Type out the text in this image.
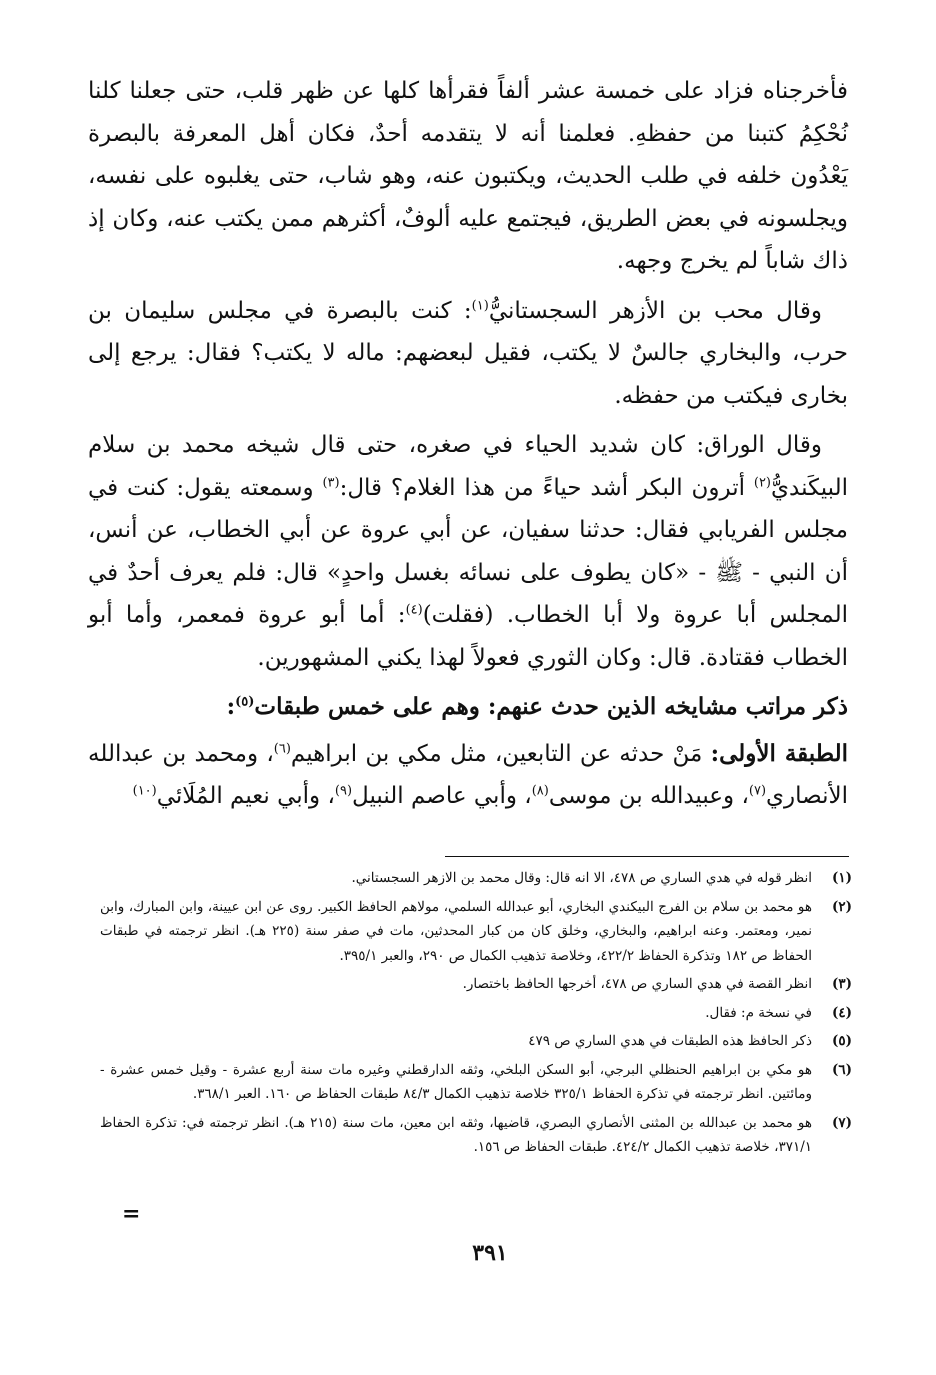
فأخرجناه فزاد على خمسة عشر ألفاً فقرأها كلها عن ظهر قلب، حتى جعلنا كلنا نُحْكِمُ كتبنا من حفظهِ. فعلمنا أنه لا يتقدمه أحدٌ، فكان أهل المعرفة بالبصرة يَعْدُون خلفه في طلب الحديث، ويكتبون عنه، وهو شاب، حتى يغلبوه على نفسه، ويجلسونه في بعض الطريق، فيجتمع عليه ألوفٌ، أكثرهم ممن يكتب عنه، وكان إذ ذاك شاباً لم يخرج وجهه.

وقال محب بن الأزهر السجستانيُّ$^{(١)}$: كنت بالبصرة في مجلس سليمان بن حرب، والبخاري جالسٌ لا يكتب، فقيل لبعضهم: ماله لا يكتب؟ فقال: يرجع إلى بخارى فيكتب من حفظه.

وقال الوراق: كان شديد الحياء في صغره، حتى قال شيخه محمد بن سلام البيكَنديُّ$^{(٢)}$ أترون البكر أشد حياءً من هذا الغلام؟ قال:$^{(٣)}$ وسمعته يقول: كنت في مجلس الفريابي فقال: حدثنا سفيان، عن أبي عروة عن أبي الخطاب، عن أنس، أن النبي - ﷺ - «كان يطوف على نسائه بغسل واحدٍ» قال: فلم يعرف أحدٌ في المجلس أبا عروة ولا أبا الخطاب. (فقلت)$^{(٤)}$: أما أبو عروة فمعمر، وأما أبو الخطاب فقتادة. قال: وكان الثوري فعولاً لهذا يكني المشهورين.

ذكر مراتب مشايخه الذين حدث عنهم: وهم على خمس طبقات$^{(٥)}$:

الطبقة الأولى: مَنْ حدثه عن التابعين، مثل مكي بن ابراهيم$^{(٦)}$، ومحمد بن عبدالله الأنصاري$^{(٧)}$، وعبيدالله بن موسى$^{(٨)}$، وأبي عاصم النبيل$^{(٩)}$، وأبي نعيم المُلَائي$^{(١٠)}$

(١)
انظر قوله في هدي الساري ص ٤٧٨، الا انه قال: وقال محمد بن الازهر السجستاني.
(٢)
هو محمد بن سلام بن الفرج البيكندي البخاري، أبو عبدالله السلمي، مولاهم الحافظ الكبير. روى عن ابن عيينة، وابن المبارك، وابن نمير، ومعتمر. وعنه ابراهيم، والبخاري، وخلق كان من كبار المحدثين، مات في صفر سنة (٢٢٥ هـ). انظر ترجمته في طبقات الحفاظ ص ١٨٢ وتذكرة الحفاظ ٤٢٢/٢، وخلاصة تذهيب الكمال ص ٢٩٠، والعبر ٣٩٥/١.
(٣)
انظر القصة في هدي الساري ص ٤٧٨، أخرجها الحافظ باختصار.
(٤)
في نسخة م: فقال.
(٥)
ذكر الحافظ هذه الطبقات في هدي الساري ص ٤٧٩
(٦)
هو مكي بن ابراهيم الحنظلي البرجي، أبو السكن البلخي، وثقه الدارقطني وغيره مات سنة أربع عشرة - وقيل خمس عشرة - ومائتين. انظر ترجمته في تذكرة الحفاظ ٣٢٥/١ خلاصة تذهيب الكمال ٨٤/٣ طبقات الحفاظ ص ١٦٠. العبر ٣٦٨/١.
(٧)
هو محمد بن عبدالله بن المثنى الأنصاري البصري، قاضيها، وثقه ابن معين، مات سنة (٢١٥ هـ). انظر ترجمته في: تذكرة الحفاظ ٣٧١/١، خلاصة تذهيب الكمال ٤٢٤/٢. طبقات الحفاظ ص ١٥٦.
=
٣٩١
